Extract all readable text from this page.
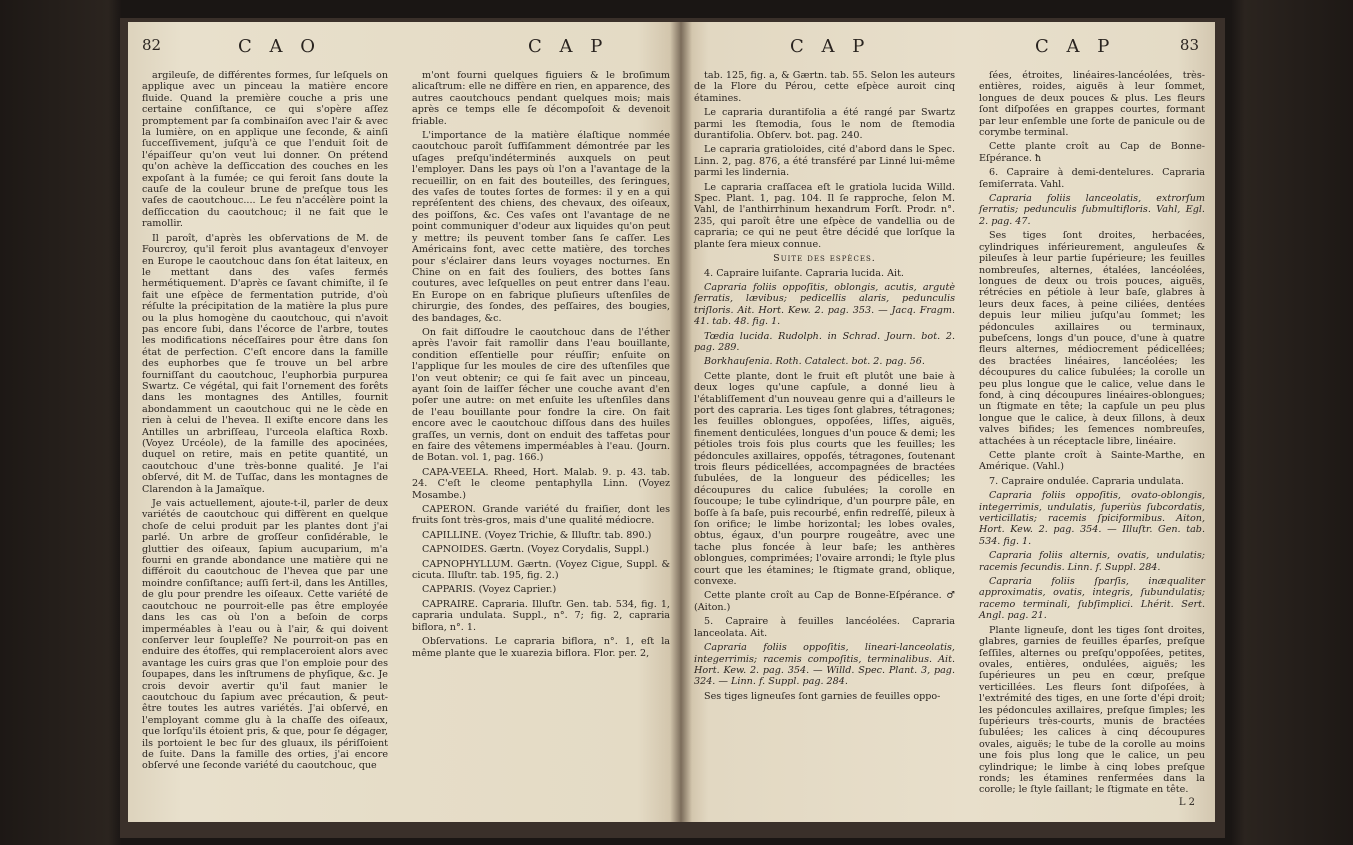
82	C A O

argileuſe, de différentes formes, ſur leſquels on applique avec un pinceau la matière encore fluide. Quand la première couche a pris une certaine conſiſtance, ce qui s'opère aſſez promptement par ſa combinaiſon avec l'air & avec la lumière, on en applique une ſeconde, & ainſi ſucceſſivement, juſqu'à ce que l'enduit ſoit de l'épaiſſeur qu'on veut lui donner. On prétend qu'on achève la deſſiccation des couches en les expoſant à la fumée; ce qui feroit ſans doute la cauſe de la couleur brune de preſque tous les vaſes de caoutchouc.... Le feu n'accélère point la deſſiccation du caoutchouc; il ne fait que le ramollir.

Il paroît, d'après les obſervations de M. de Fourcroy, qu'il feroit plus avantageux d'envoyer en Europe le caoutchouc dans ſon état laiteux, en le mettant dans des vaſes fermés hermétiquement. D'après ce ſavant chimiſte, il ſe fait une eſpèce de fermentation putride, d'où réſulte la précipitation de la matière la plus pure ou la plus homogène du caoutchouc, qui n'avoit pas encore ſubi, dans l'écorce de l'arbre, toutes les modifications néceſſaires pour être dans ſon état de perfection. C'eſt encore dans la famille des euphorbes que ſe trouve un bel arbre fourniſſant du caoutchouc, l'euphorbia purpurea Swartz. Ce végétal, qui fait l'ornement des forêts dans les montagnes des Antilles, fournit abondamment un caoutchouc qui ne le cède en rien à celui de l'hevea. Il exiſte encore dans les Antilles un arbriſſeau, l'urceola elaſtica Roxb. (Voyez Urcéole), de la famille des apocinées, duquel on retire, mais en petite quantité, un caoutchouc d'une très-bonne qualité. Je l'ai obſervé, dit M. de Tuſſac, dans les montagnes de Clarendon à la Jamaïque.

Je vais actuellement, ajoute-t-il, parler de deux variétés de caoutchouc qui diffèrent en quelque choſe de celui produit par les plantes dont j'ai parlé. Un arbre de groſſeur conſidérable, le gluttier des oiſeaux, ſapium aucuparium, m'a fourni en grande abondance une matière qui ne différoit du caoutchouc de l'hevea que par une moindre conſiſtance; auſſi ſert-il, dans les Antilles, de glu pour prendre les oiſeaux. Cette variété de caoutchouc ne pourroit-elle pas être employée dans les cas où l'on a beſoin de corps imperméables à l'eau ou à l'air, & qui doivent conſerver leur ſoupleſſe? Ne pourroit-on pas en enduire des étoffes, qui remplaceroient alors avec avantage les cuirs gras que l'on emploie pour des ſoupapes, dans les inſtrumens de phyſique, &c. Je crois devoir avertir qu'il faut manier le caoutchouc du ſapium avec précaution, & peut-être toutes les autres variétés. J'ai obſervé, en l'employant comme glu à la chaſſe des oiſeaux, que lorſqu'ils étoient pris, & que, pour ſe dégager, ils portoient le bec ſur des gluaux, ils périſſoient de ſuite. Dans la famille des orties, j'ai encore obſervé une ſeconde variété du caoutchouc, que

C A P

m'ont fourni quelques figuiers & le broſimum alicaſtrum: elle ne diffère en rien, en apparence, des autres caoutchoucs pendant quelques mois; mais après ce temps elle ſe décompoſoit & devenoit friable.

L'importance de la matière élaſtique nommée caoutchouc paroît ſuffiſamment démontrée par les uſages preſqu'indéterminés auxquels on peut l'employer. Dans les pays où l'on a l'avantage de la recueillir, on en fait des bouteilles, des ſeringues, des vaſes de toutes ſortes de formes: il y en a qui repréſentent des chiens, des chevaux, des oiſeaux, des poiſſons, &c. Ces vaſes ont l'avantage de ne point communiquer d'odeur aux liquides qu'on peut y mettre; ils peuvent tomber ſans ſe caſſer. Les Américains font, avec cette matière, des torches pour s'éclairer dans leurs voyages nocturnes. En Chine on en fait des ſouliers, des bottes ſans coutures, avec leſquelles on peut entrer dans l'eau. En Europe on en fabrique pluſieurs uſtenſiles de chirurgie, des ſondes, des peſſaires, des bougies, des bandages, &c.

On fait diſſoudre le caoutchouc dans de l'éther après l'avoir fait ramollir dans l'eau bouillante, condition eſſentielle pour réuſſir; enſuite on l'applique ſur les moules de cire des uſtenſiles que l'on veut obtenir; ce qui ſe fait avec un pinceau, ayant ſoin de laiſſer ſécher une couche avant d'en poſer une autre: on met enſuite les uſtenſiles dans de l'eau bouillante pour fondre la cire. On fait encore avec le caoutchouc diſſous dans des huiles graſſes, un vernis, dont on enduit des taffetas pour en faire des vêtemens imperméables à l'eau. (Journ. de Botan. vol. 1, pag. 166.)

CAPA-VEELA. Rheed, Hort. Malab. 9. p. 43. tab. 24. C'eſt le cleome pentaphylla Linn. (Voyez Mosambe.)

CAPERON. Grande variété du fraiſier, dont les fruits ſont très-gros, mais d'une qualité médiocre.

CAPILLINE. (Voyez Trichie, & Illuſtr. tab. 890.)

CAPNOIDES. Gærtn. (Voyez Corydalis, Suppl.)

CAPNOPHYLLUM. Gærtn. (Voyez Cigue, Suppl. & cicuta. Illuſtr. tab. 195, fig. 2.)

CAPPARIS. (Voyez Caprier.)

CAPRAIRE. Capraria. Illuſtr. Gen. tab. 534, fig. 1, capraria undulata. Suppl., n°. 7; fig. 2, capraria biflora, n°. 1.

Obſervations. Le capraria biflora, n°. 1, eſt la même plante que le xuarezia biflora. Flor. per. 2,

C A P

tab. 125, fig. a, & Gærtn. tab. 55. Selon les auteurs de la Flore du Pérou, cette eſpèce auroit cinq étamines.

Le capraria durantifolia a été rangé par Swartz parmi les ſtemodia, ſous le nom de ſtemodia durantifolia. Obſerv. bot. pag. 240.

Le capraria gratioloides, cité d'abord dans le Spec. Linn. 2, pag. 876, a été transféré par Linné lui-même parmi les lindernia.

Le capraria craſſacea eſt le gratiola lucida Willd. Spec. Plant. 1, pag. 104. Il ſe rapproche, ſelon M. Vahl, de l'anthirrhinum hexandrum Forſt. Prodr. n°. 235, qui paroît être une eſpèce de vandellia ou de capraria; ce qui ne peut être décidé que lorſque la plante ſera mieux connue.

Suite des espèces.

4. Capraire luiſante. Capraria lucida. Ait.

Capraria foliis oppoſitis, oblongis, acutis, argutè ſerratis, lævibus; pedicellis alaris, pedunculis triſloris. Ait. Hort. Kew. 2. pag. 353. — Jacq. Fragm. 41. tab. 48. fig. 1.

Tœdia lucida. Rudolph. in Schrad. Journ. bot. 2. pag. 289.

Borkhauſenia. Roth. Catalect. bot. 2. pag. 56.

Cette plante, dont le fruit eſt plutôt une baie à deux loges qu'une capſule, a donné lieu à l'établiſſement d'un nouveau genre qui a d'ailleurs le port des capraria. Les tiges ſont glabres, tétragones; les feuilles oblongues, oppoſées, liſſes, aiguës, finement denticulées, longues d'un pouce & demi; les pétioles trois fois plus courts que les feuilles; les pédoncules axillaires, oppoſés, tétragones, ſoutenant trois fleurs pédicellées, accompagnées de bractées ſubulées, de la longueur des pédicelles; les découpures du calice ſubulées; la corolle en ſoucoupe; le tube cylindrique, d'un pourpre pâle, en boſſe à ſa baſe, puis recourbé, enfin redreſſé, pileux à ſon orifice; le limbe horizontal; les lobes ovales, obtus, égaux, d'un pourpre rougeâtre, avec une tache plus foncée à leur baſe; les anthères oblongues, comprimées; l'ovaire arrondi; le ſtyle plus court que les étamines; le ſtigmate grand, oblique, convexe.

Cette plante croît au Cap de Bonne-Eſpérance. ♂ (Aiton.)

5. Capraire à feuilles lancéolées. Capraria lanceolata. Ait.

Capraria foliis oppoſitis, lineari-lanceolatis, integerrimis; racemis compoſitis, terminalibus. Ait. Hort. Kew. 2. pag. 354. — Willd. Spec. Plant. 3, pag. 324. — Linn. f. Suppl. pag. 284.

Ses tiges ligneuſes ſont garnies de feuilles oppo-

C A P	83

ſées, étroites, linéaires-lancéolées, très-entières, roides, aiguës à leur ſommet, longues de deux pouces & plus. Les fleurs ſont diſpoſées en grappes courtes, formant par leur enſemble une ſorte de panicule ou de corymbe terminal.

Cette plante croît au Cap de Bonne-Eſpérance. ħ

6. Capraire à demi-dentelures. Capraria ſemiſerrata. Vahl.

Capraria foliis lanceolatis, extrorſum ſerratis; pedunculis ſubmultifloris. Vahl, Egl. 2. pag. 47.

Ses tiges ſont droites, herbacées, cylindriques inférieurement, anguleuſes & pileuſes à leur partie ſupérieure; les feuilles nombreuſes, alternes, étalées, lancéolées, longues de deux ou trois pouces, aiguës, rétrécies en pétiole à leur baſe, glabres à leurs deux faces, à peine ciliées, dentées depuis leur milieu juſqu'au ſommet; les pédoncules axillaires ou terminaux, pubeſcens, longs d'un pouce, d'une à quatre fleurs alternes, médiocrement pédicellées; des bractées linéaires, lancéolées; les découpures du calice ſubulées; la corolle un peu plus longue que le calice, velue dans le fond, à cinq découpures linéaires-oblongues; un ſtigmate en tête; la capſule un peu plus longue que le calice, à deux ſillons, à deux valves bifides; les ſemences nombreuſes, attachées à un réceptacle libre, linéaire.

Cette plante croît à Sainte-Marthe, en Amérique. (Vahl.)

7. Capraire ondulée. Capraria undulata.

Capraria foliis oppoſitis, ovato-oblongis, integerrimis, undulatis, ſuperiùs ſubcordatis, verticillatis; racemis ſpiciformibus. Aiton, Hort. Kew. 2. pag. 354. — Illuſtr. Gen. tab. 534. fig. 1.

Capraria foliis alternis, ovatis, undulatis; racemis ſecundis. Linn. f. Suppl. 284.

Capraria foliis ſparſis, inæqualiter approximatis, ovatis, integris, ſubundulatis; racemo terminali, ſubſimplici. Lhérit. Sert. Angl. pag. 21.

Plante ligneuſe, dont les tiges ſont droites, glabres, garnies de feuilles éparſes, preſque ſeſſiles, alternes ou preſqu'oppoſées, petites, ovales, entières, ondulées, aiguës; les ſupérieures un peu en cœur, preſque verticillées. Les fleurs ſont diſpoſées, à l'extrémité des tiges, en une ſorte d'épi droit; les pédoncules axillaires, preſque ſimples; les ſupérieurs très-courts, munis de bractées ſubulées; les calices à cinq découpures ovales, aiguës; le tube de la corolle au moins une fois plus long que le calice, un peu cylindrique; le limbe à cinq lobes preſque ronds; les étamines renfermées dans la corolle; le ſtyle ſaillant; le ſtigmate en tête.

L 2
